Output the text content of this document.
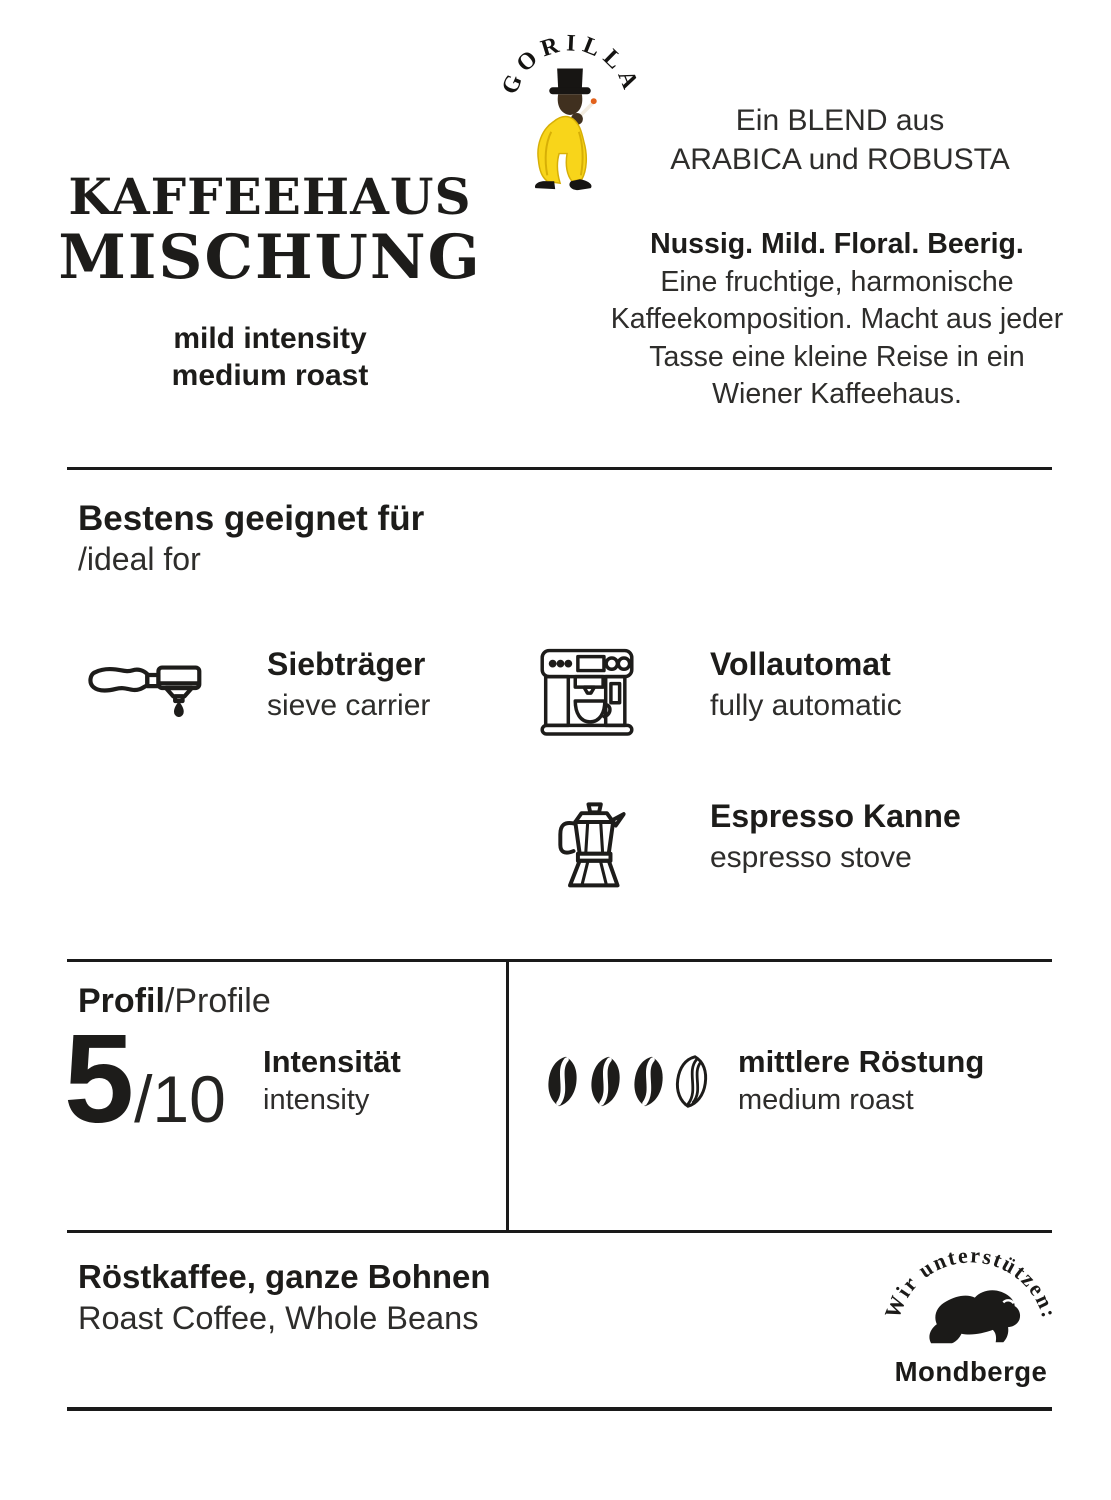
GORILLA
KAFFEEHAUS
MISCHUNG
mild intensity
medium roast
Ein BLEND aus
ARABICA und ROBUSTA
Nussig. Mild. Floral. Beerig.
Eine fruchtige, harmonische
Kaffeekomposition. Macht aus jeder
Tasse eine kleine Reise in ein
Wiener Kaffeehaus.
Bestens geeignet für
/ideal for
Siebträger
sieve carrier
Vollautomat
fully automatic
Espresso Kanne
espresso stove
Profil/Profile
5 /10
Intensität
intensity
mittlere Röstung
medium roast
Röstkaffee, ganze Bohnen
Roast Coffee, Whole Beans	Wir unterstützen:
Mondberge
